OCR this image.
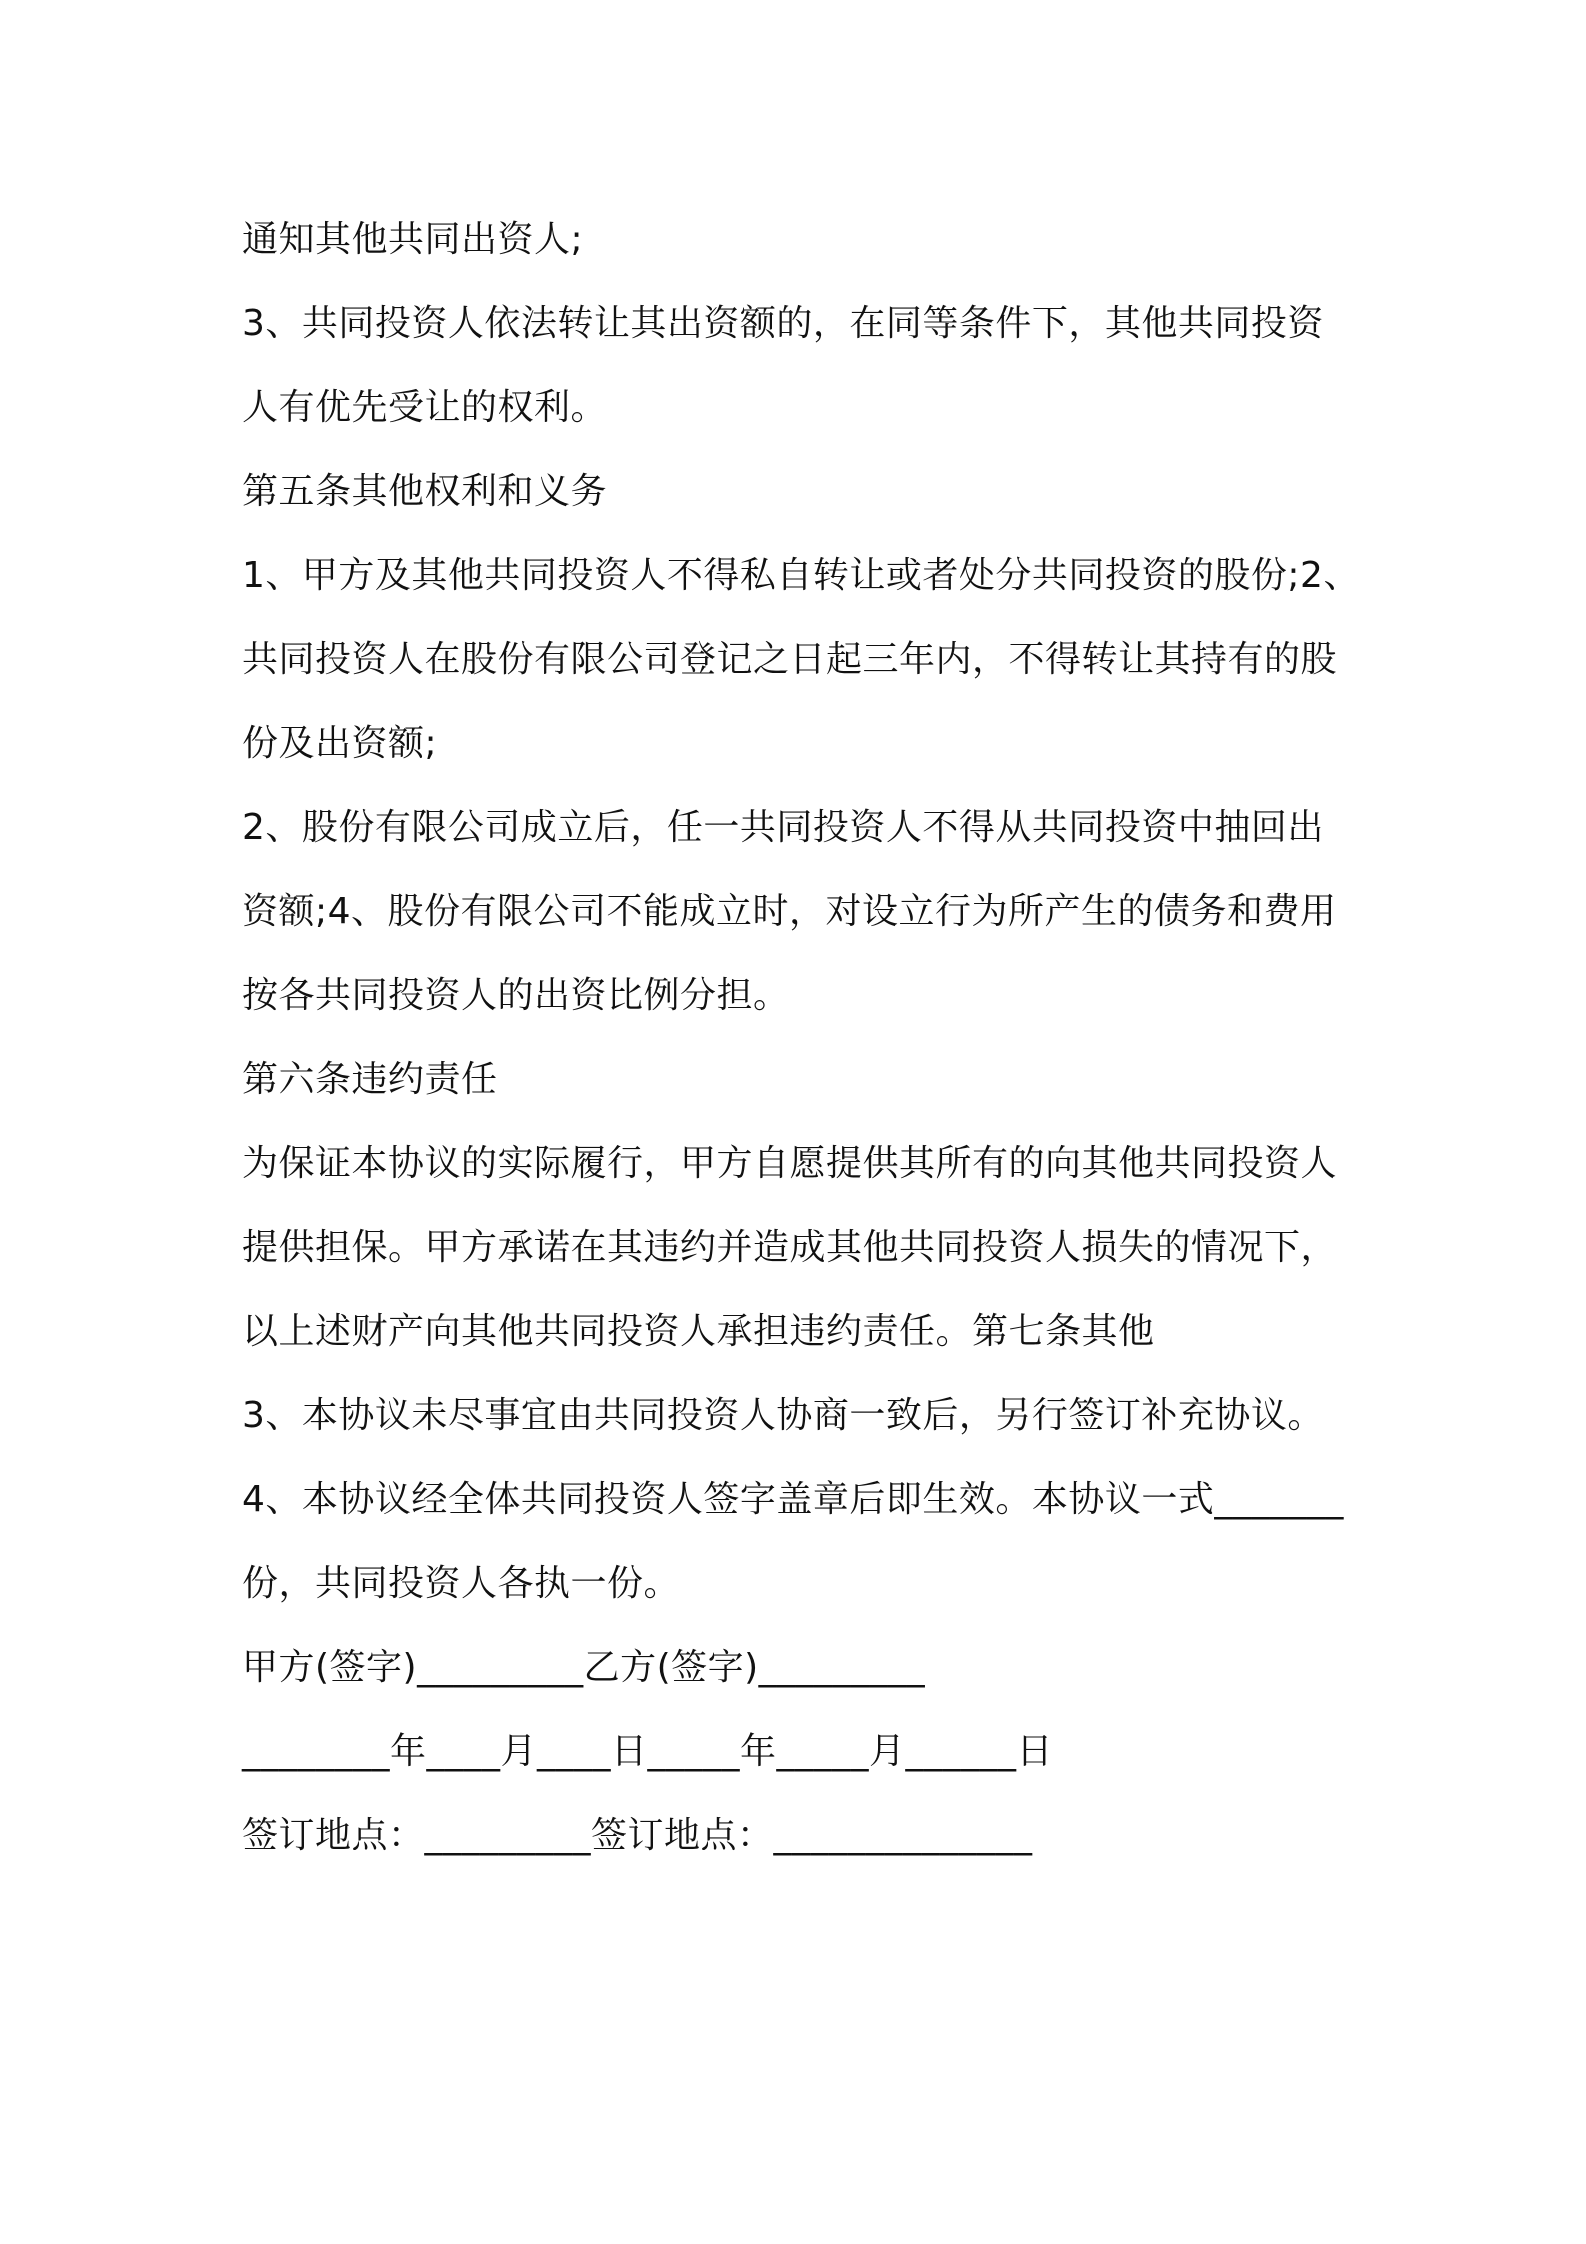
通知其他共同出资人;
3、共同投资人依法转让其出资额的，在同等条件下，其他共同投资
人有优先受让的权利。
第五条其他权利和义务
1、甲方及其他共同投资人不得私自转让或者处分共同投资的股份;2、
共同投资人在股份有限公司登记之日起三年内，不得转让其持有的股
份及出资额;
2、股份有限公司成立后，任一共同投资人不得从共同投资中抽回出
资额;4、股份有限公司不能成立时，对设立行为所产生的债务和费用
按各共同投资人的出资比例分担。
第六条违约责任
为保证本协议的实际履行，甲方自愿提供其所有的向其他共同投资人
提供担保。甲方承诺在其违约并造成其他共同投资人损失的情况下，
以上述财产向其他共同投资人承担违约责任。第七条其他
3、本协议未尽事宜由共同投资人协商一致后，另行签订补充协议。
4、本协议经全体共同投资人签字盖章后即生效。本协议一式_______
份，共同投资人各执一份。
甲方(签字)_________乙方(签字)_________
________年____月____日_____年_____月______日
签订地点：_________签订地点：______________
